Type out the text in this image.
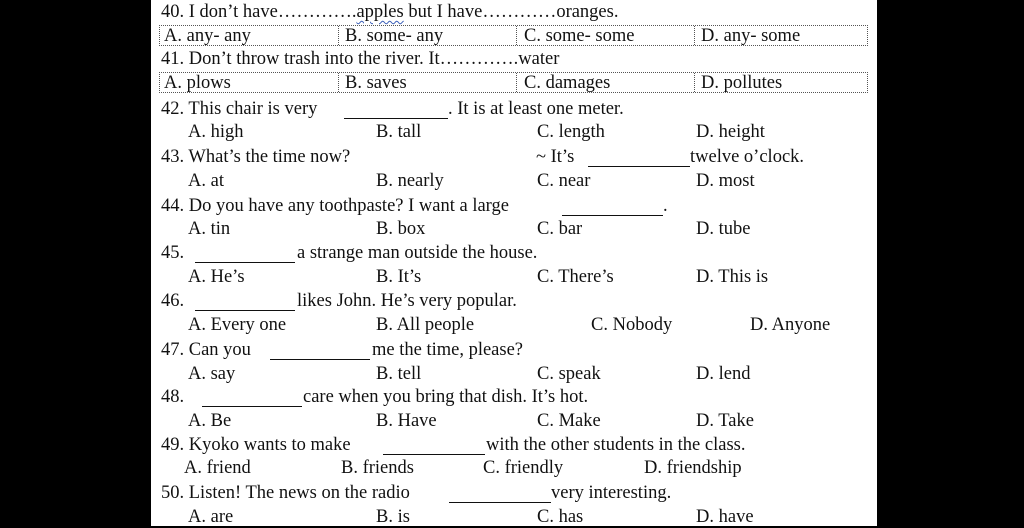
40. I don’t have………….apples but I have…………oranges.
A. any- any	B. some- any	C. some- some	D. any- some
41. Don’t throw trash into the river. It………….water
A. plows	B. saves	C. damages	D. pollutes
42. This chair is very	. It is at least one meter.
A. high	B. tall	C. length	D. height
43. What’s the time now?	~ It’s	twelve o’clock.
A. at	B. nearly	C. near	D. most
44. Do you have any toothpaste? I want a large	.
A. tin	B. box	C. bar	D. tube
45.	a strange man outside the house.
A. He’s	B. It’s	C. There’s	D. This is
46.	likes John. He’s very popular.
A. Every one	B. All people	C. Nobody	D. Anyone
47. Can you	me the time, please?
A. say	B. tell	C. speak	D. lend
48.	care when you bring that dish. It’s hot.
A. Be	B. Have	C. Make	D. Take
49. Kyoko wants to make	with the other students in the class.
A. friend	B. friends	C. friendly	D. friendship
50. Listen! The news on the radio	very interesting.
A. are	B. is	C. has	D. have
